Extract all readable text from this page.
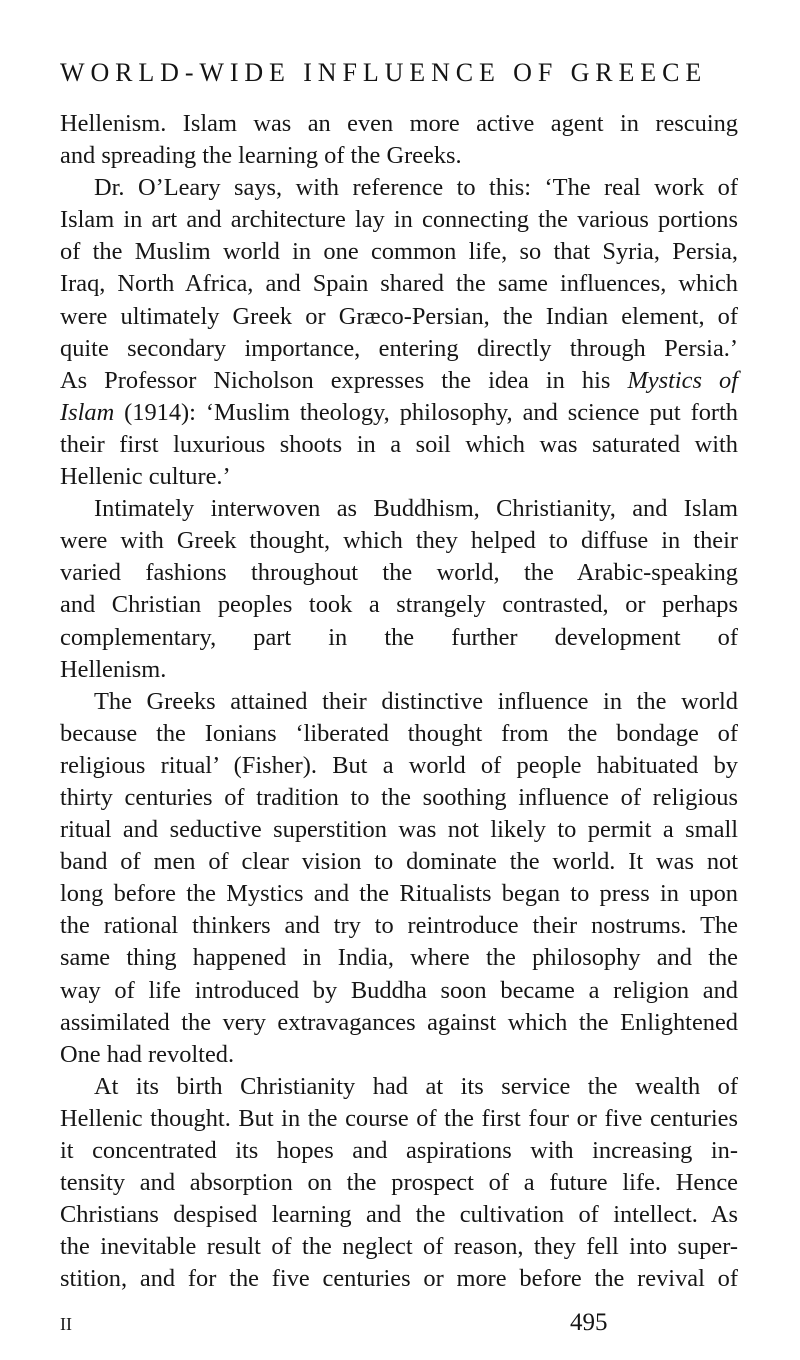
WORLD-WIDE INFLUENCE OF GREECE
Hellenism. Islam was an even more active agent in rescuing
and spreading the learning of the Greeks.
Dr. O’Leary says, with reference to this: ‘The real work of
Islam in art and architecture lay in connecting the various portions
of the Muslim world in one common life, so that Syria, Persia,
Iraq, North Africa, and Spain shared the same influences, which
were ultimately Greek or Græco-Persian, the Indian element, of
quite secondary importance, entering directly through Persia.’
As Professor Nicholson expresses the idea in his Mystics of
Islam (1914): ‘Muslim theology, philosophy, and science put forth
their first luxurious shoots in a soil which was saturated with
Hellenic culture.’
Intimately interwoven as Buddhism, Christianity, and Islam
were with Greek thought, which they helped to diffuse in their
varied fashions throughout the world, the Arabic-speaking
and Christian peoples took a strangely contrasted, or perhaps
complementary, part in the further development of
Hellenism.
The Greeks attained their distinctive influence in the world
because the Ionians ‘liberated thought from the bondage of
religious ritual’ (Fisher). But a world of people habituated by
thirty centuries of tradition to the soothing influence of religious
ritual and seductive superstition was not likely to permit a small
band of men of clear vision to dominate the world. It was not
long before the Mystics and the Ritualists began to press in upon
the rational thinkers and try to reintroduce their nostrums. The
same thing happened in India, where the philosophy and the
way of life introduced by Buddha soon became a religion and
assimilated the very extravagances against which the Enlightened
One had revolted.
At its birth Christianity had at its service the wealth of
Hellenic thought. But in the course of the first four or five centuries
it concentrated its hopes and aspirations with increasing in-
tensity and absorption on the prospect of a future life. Hence
Christians despised learning and the cultivation of intellect. As
the inevitable result of the neglect of reason, they fell into super-
stition, and for the five centuries or more before the revival of
II	495
